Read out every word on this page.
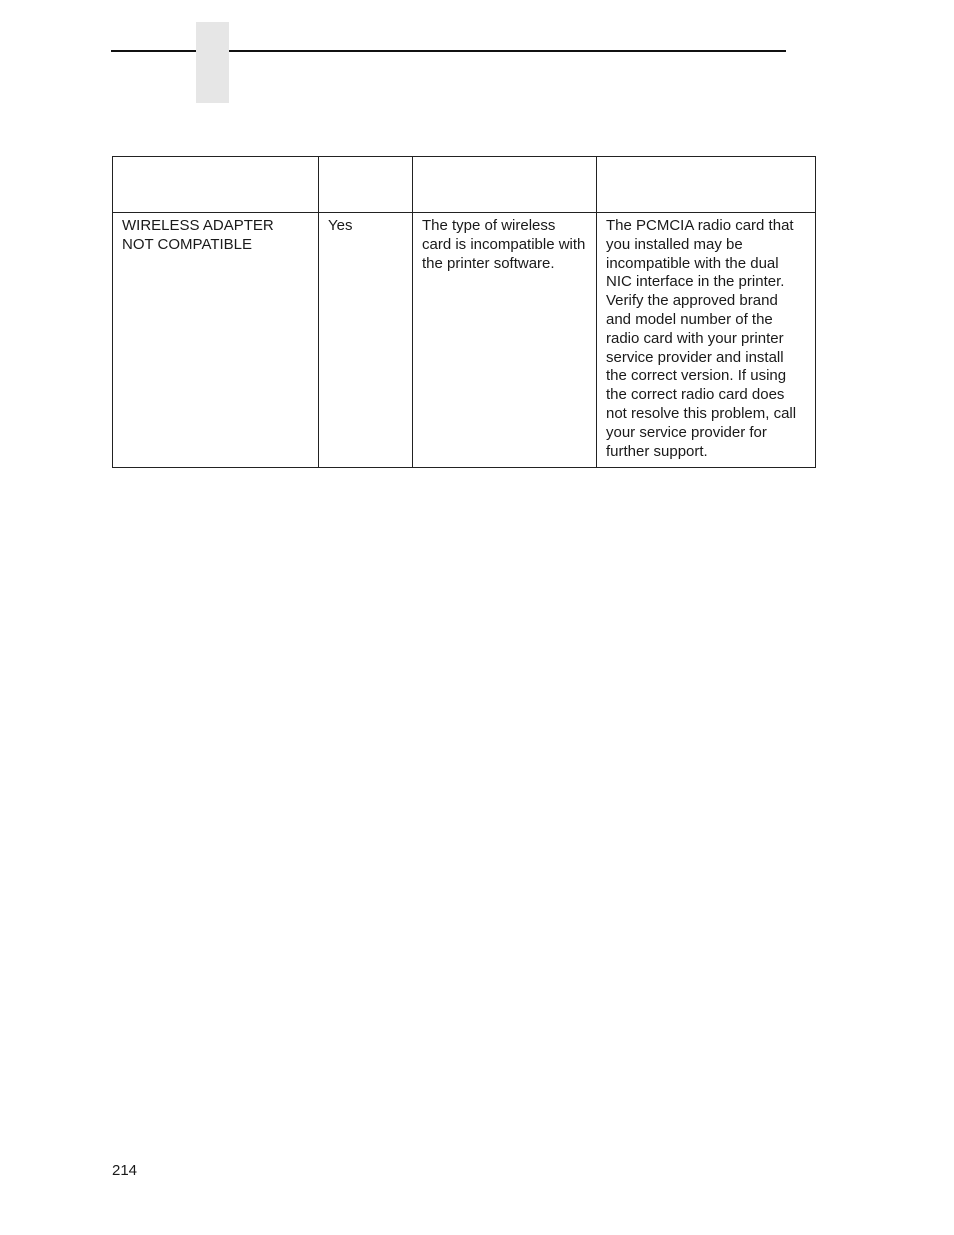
WIRELESS ADAPTER NOT COMPATIBLE	Yes	The type of wireless card is incompatible with the printer software.	The PCMCIA radio card that you installed may be incompatible with the dual NIC interface in the printer. Verify the approved brand and model number of the radio card with your printer service provider and install the correct version. If using the correct radio card does not resolve this problem, call your service provider for further support.
214
